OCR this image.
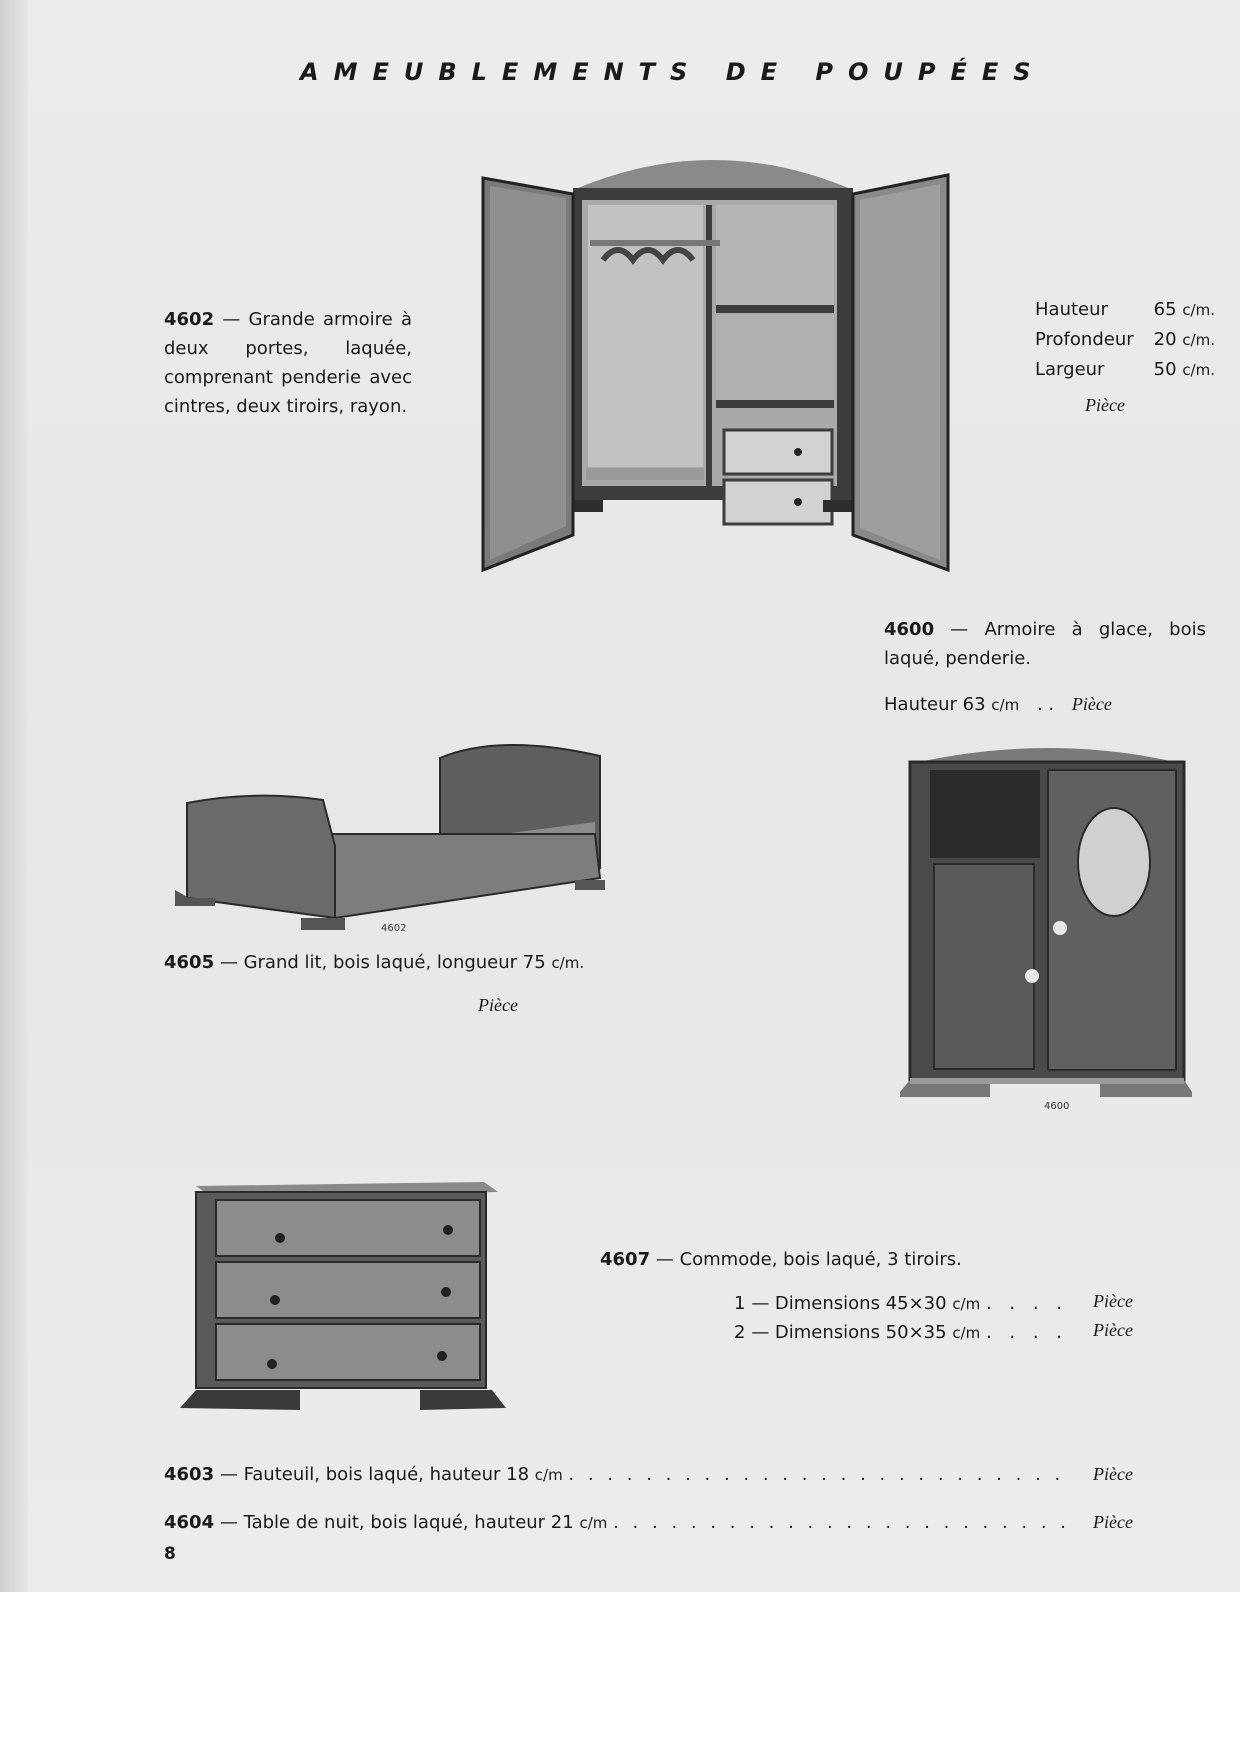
AMEUBLEMENTS DE POUPÉES
4602 — Grande armoire à deux portes, laquée, comprenant penderie avec cintres, deux tiroirs, rayon.
Hauteur	65 c/m.
Profondeur 20 c/m.
Largeur	50 c/m.
Pièce
4600 — Armoire à glace, bois laqué, penderie.
Hauteur 63 c/m . . Pièce
4600
4602
4605 — Grand lit, bois laqué, longueur 75 c/m.
Pièce
4607 — Commode, bois laqué, 3 tiroirs.
1 — Dimensions 45×30 c/m . . . . Pièce
2 — Dimensions 50×35 c/m . . . . Pièce
4603 — Fauteuil, bois laqué, hauteur 18 c/m . . . . . . . . . . . . . . . . . . . . . . . . . . Pièce
4604 — Table de nuit, bois laqué, hauteur 21 c/m . . . . . . . . . . . . . . . . . . . . . . . . Pièce
8
